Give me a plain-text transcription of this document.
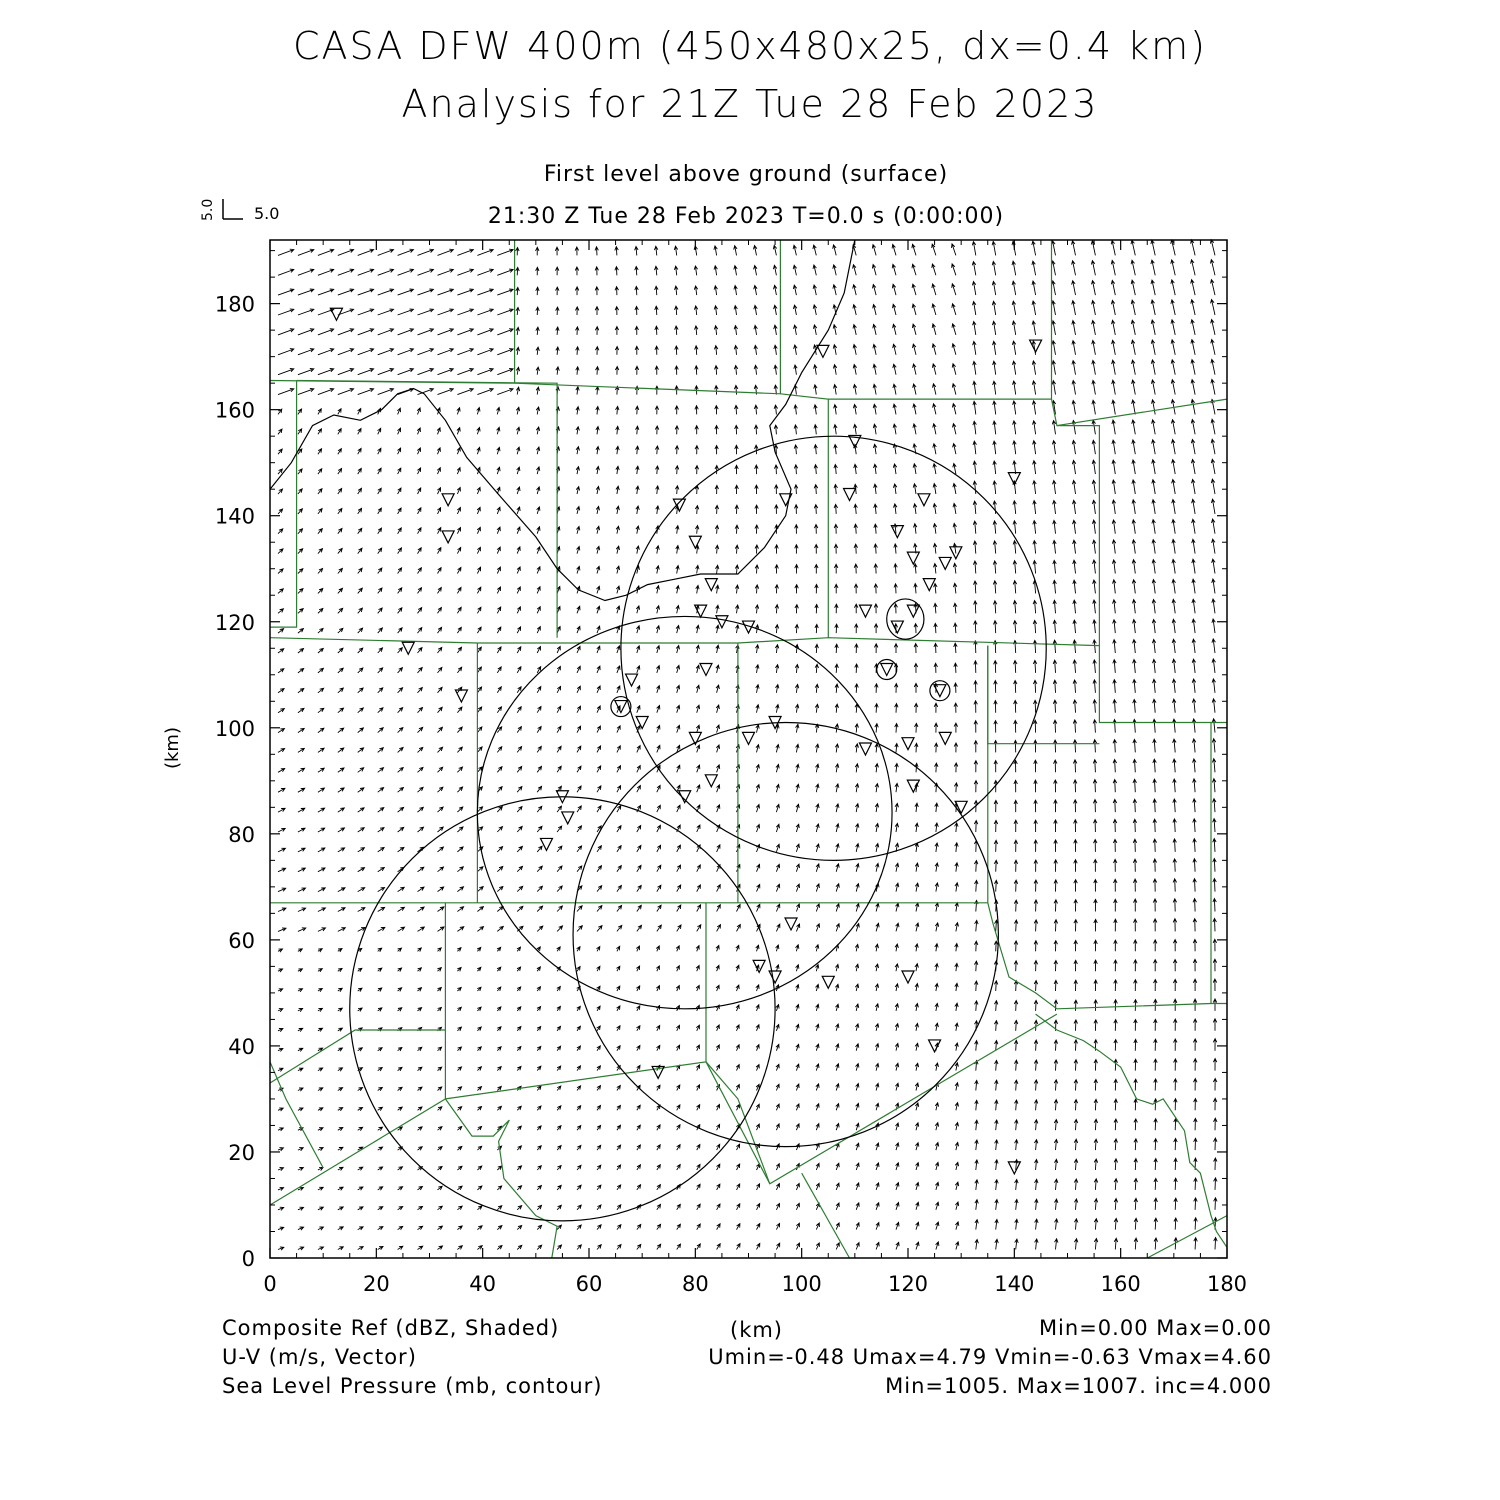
CASA DFW 400m (450x480x25, dx=0.4 km)
Analysis for 21Z Tue 28 Feb 2023
First level above ground (surface)
21:30 Z Tue 28 Feb 2023 T=0.0 s (0:00:00)
5.0 5.0
0	20	40	60	80	100	120	140	160	180
0
20
40
60
80
100
120
140
160
180
(km)
Composite Ref (dBZ, Shaded)	(km)	Min=0.00 Max=0.00
U-V (m/s, Vector)	Umin=-0.48 Umax=4.79 Vmin=-0.63 Vmax=4.60
Sea Level Pressure (mb, contour)	Min=1005. Max=1007. inc=4.000
